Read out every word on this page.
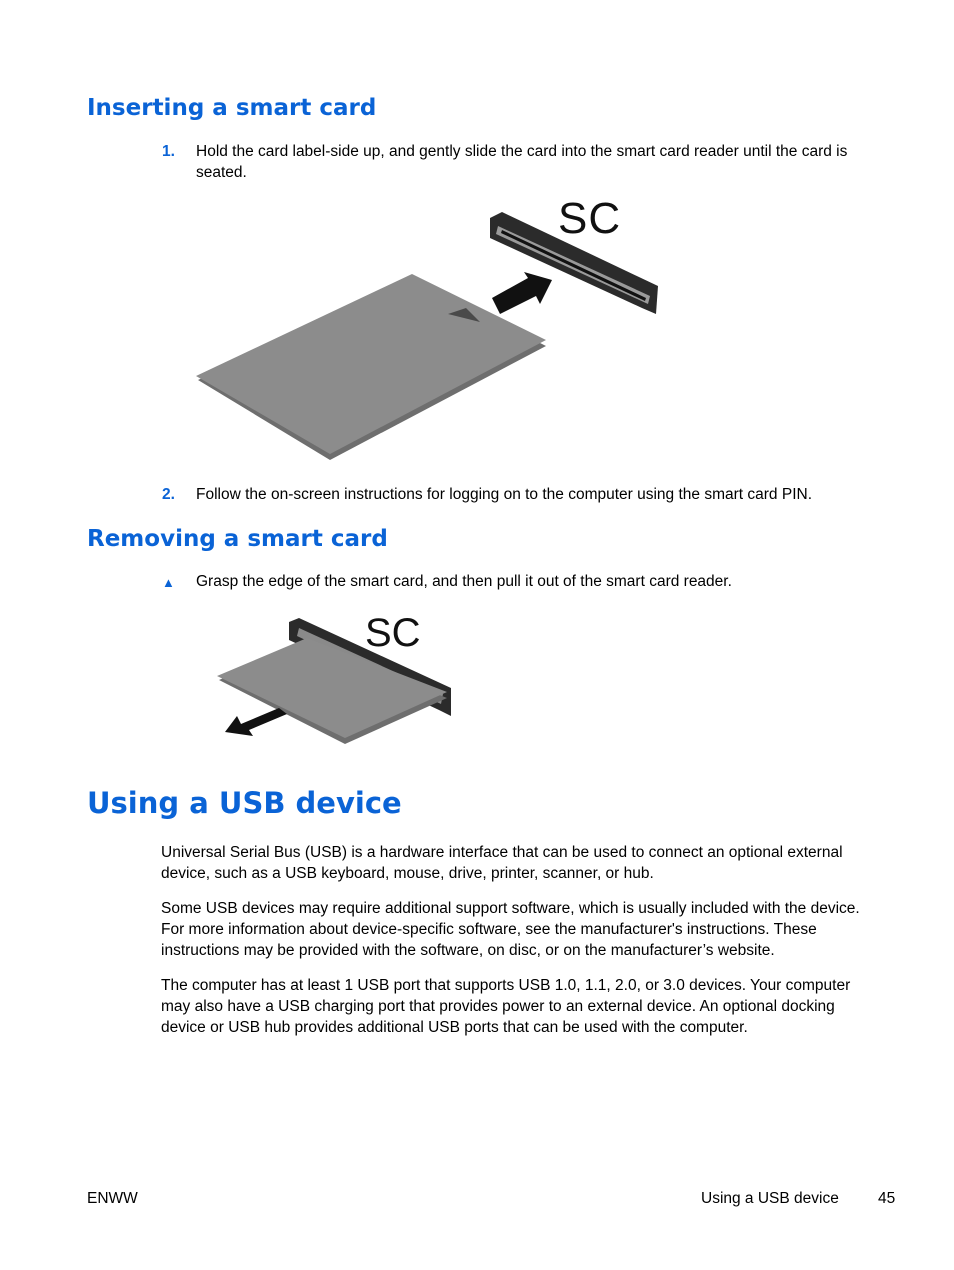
Inserting a smart card
1. Hold the card label-side up, and gently slide the card into the smart card reader until the card is seated.
SC
2. Follow the on-screen instructions for logging on to the computer using the smart card PIN.
Removing a smart card
▲ Grasp the edge of the smart card, and then pull it out of the smart card reader.
SC
Using a USB device

Universal Serial Bus (USB) is a hardware interface that can be used to connect an optional external device, such as a USB keyboard, mouse, drive, printer, scanner, or hub.

Some USB devices may require additional support software, which is usually included with the device. For more information about device-specific software, see the manufacturer's instructions. These instructions may be provided with the software, on disc, or on the manufacturer’s website.

The computer has at least 1 USB port that supports USB 1.0, 1.1, 2.0, or 3.0 devices. Your computer may also have a USB charging port that provides power to an external device. An optional docking device or USB hub provides additional USB ports that can be used with the computer.

ENWW	Using a USB device	45
